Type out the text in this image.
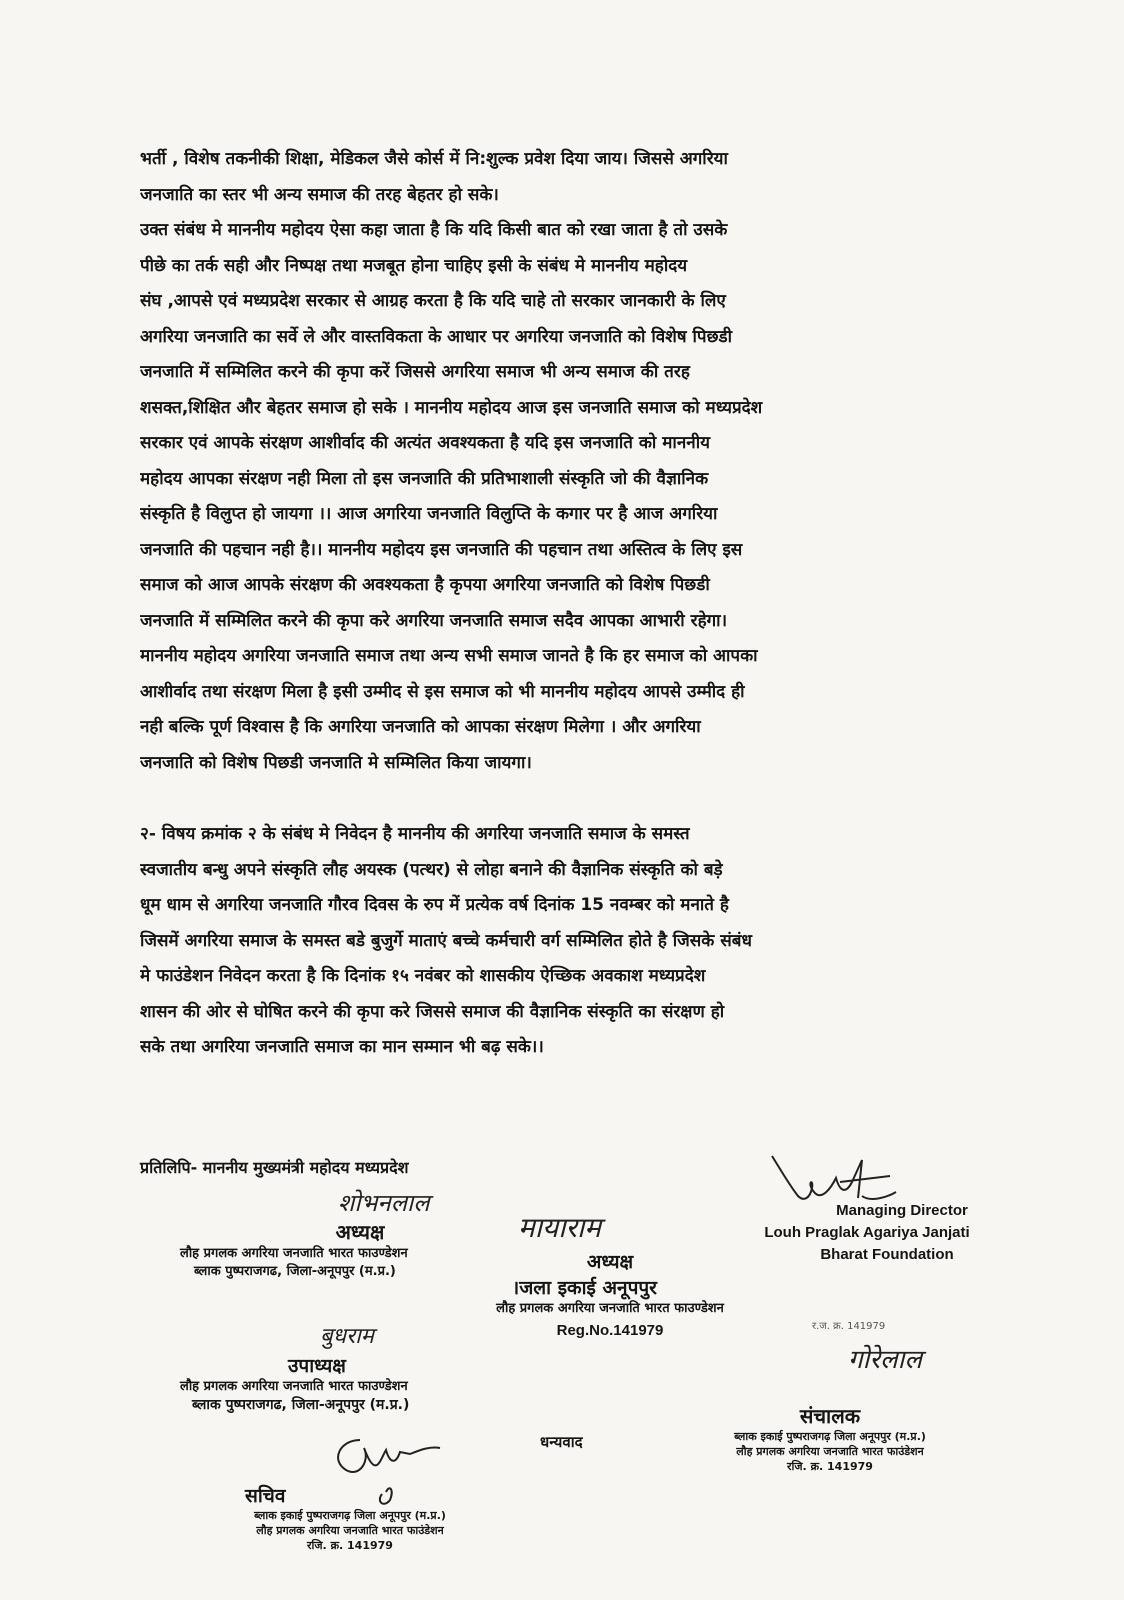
भर्ती , विशेष तकनीकी शिक्षा, मेडिकल जैसे कोर्स में नि:शुल्क प्रवेश दिया जाय। जिससे अगरिया
जनजाति का स्तर भी अन्य समाज की तरह बेहतर हो सके।
उक्त संबंध मे माननीय महोदय ऐसा कहा जाता है कि यदि किसी बात को रखा जाता है तो उसके
पीछे का तर्क सही और निष्पक्ष तथा मजबूत होना चाहिए इसी के संबंध मे माननीय महोदय
संघ ,आपसे एवं मध्यप्रदेश सरकार से आग्रह करता है कि यदि चाहे तो सरकार जानकारी के लिए
अगरिया जनजाति का सर्वे ले और वास्तविकता के आधार पर अगरिया जनजाति को विशेष पिछडी
जनजाति में सम्मिलित करने की कृपा करें जिससे अगरिया समाज भी अन्य समाज की तरह
शसक्त,शिक्षित और बेहतर समाज हो सके । माननीय महोदय आज इस जनजाति समाज को मध्यप्रदेश
सरकार एवं आपके संरक्षण आशीर्वाद की अत्यंत अवश्यकता है यदि इस जनजाति को माननीय
महोदय आपका संरक्षण नही मिला तो इस जनजाति की प्रतिभाशाली संस्कृति जो की वैज्ञानिक
संस्कृति है विलुप्त हो जायगा ।। आज अगरिया जनजाति विलुप्ति के कगार पर है आज अगरिया
जनजाति की पहचान नही है।। माननीय महोदय इस जनजाति की पहचान तथा अस्तित्व के लिए इस
समाज को आज आपके संरक्षण की अवश्यकता है कृपया अगरिया जनजाति को विशेष पिछडी
जनजाति में सम्मिलित करने की कृपा करे अगरिया जनजाति समाज सदैव आपका आभारी रहेगा।
माननीय महोदय अगरिया जनजाति समाज तथा अन्य सभी समाज जानते है कि हर समाज को आपका
आशीर्वाद तथा संरक्षण मिला है इसी उम्मीद से इस समाज को भी माननीय महोदय आपसे उम्मीद ही
नही बल्कि पूर्ण विश्वास है कि अगरिया जनजाति को आपका संरक्षण मिलेगा । और अगरिया
जनजाति को विशेष पिछडी जनजाति मे सम्मिलित किया जायगा।
२- विषय क्रमांक २ के संबंध मे निवेदन है माननीय की अगरिया जनजाति समाज के समस्त
स्वजातीय बन्धु अपने संस्कृति लौह अयस्क (पत्थर) से लोहा बनाने की वैज्ञानिक संस्कृति को बड़े
धूम धाम से अगरिया जनजाति गौरव दिवस के रुप में प्रत्येक वर्ष दिनांक 15 नवम्बर को मनाते है
जिसमें अगरिया समाज के समस्त बडे बुजुर्गे माताएं बच्चे कर्मचारी वर्ग सम्मिलित होते है जिसके संबंध
मे फाउंडेशन निवेदन करता है कि दिनांक १५ नवंबर को शासकीय ऐच्छिक अवकाश मध्यप्रदेश
शासन की ओर से घोषित करने की कृपा करे जिससे समाज की वैज्ञानिक संस्कृति का संरक्षण हो
सके तथा अगरिया जनजाति समाज का मान सम्मान भी बढ़ सके।।
प्रतिलिपि- माननीय मुख्यमंत्री महोदय मध्यप्रदेश
शोभनलाल
अध्यक्ष
लौह प्रगलक अगरिया जनजाति भारत फाउण्डेशन
ब्लाक पुष्पराजगढ, जिला-अनूपपुर (म.प्र.)
मायाराम
अध्यक्ष
।जला इकाई अनूपपुर
लौह प्रगलक अगरिया जनजाति भारत फाउण्डेशन
Reg.No.141979
Managing Director
Louh Praglak Agariya Janjati
Bharat Foundation
बुधराम
उपाध्यक्ष
लौह प्रगलक अगरिया जनजाति भारत फाउण्डेशन
ब्लाक पुष्पराजगढ, जिला-अनूपपुर (म.प्र.)
धन्यवाद
र.ज. क्र. 141979
गोरेलाल
संचालक
ब्लाक इकाई पुष्पराजगढ़ जिला अनूपपुर (म.प्र.)
लौह प्रगलक अगरिया जनजाति भारत फाउंडेशन
रजि. क्र. 141979
सचिव
ब्लाक इकाई पुष्पराजगढ़ जिला अनूपपुर (म.प्र.)
लौह प्रगलक अगरिया जनजाति भारत फाउंडेशन
रजि. क्र. 141979
